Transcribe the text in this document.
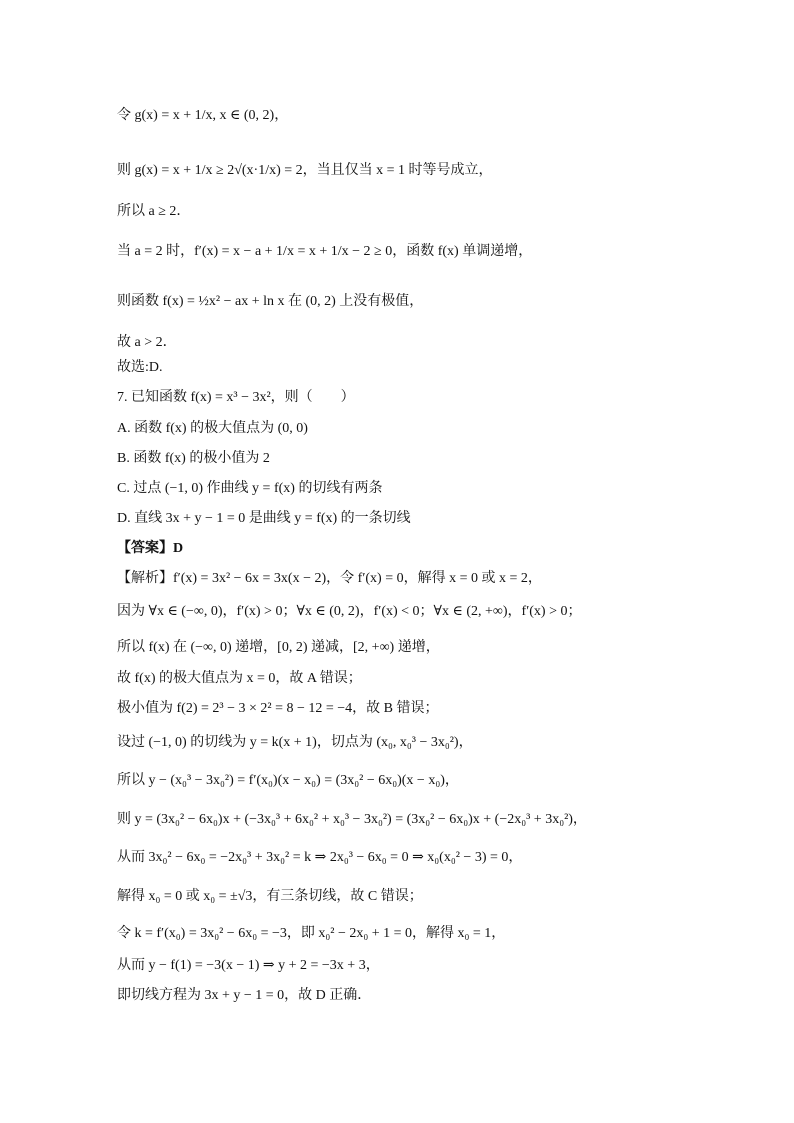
令 g(x) = x + 1/x, x ∈ (0, 2)，
则 g(x) = x + 1/x ≥ 2√(x·1/x) = 2，当且仅当 x = 1 时等号成立，
所以 a ≥ 2．
当 a = 2 时，f′(x) = x − a + 1/x = x + 1/x − 2 ≥ 0，函数 f(x) 单调递增，
则函数 f(x) = ½x² − ax + ln x 在 (0, 2) 上没有极值，
故 a > 2．
故选:D.
7. 已知函数 f(x) = x³ − 3x²，则（　　）
A. 函数 f(x) 的极大值点为 (0, 0)
B. 函数 f(x) 的极小值为 2
C. 过点 (−1, 0) 作曲线 y = f(x) 的切线有两条
D. 直线 3x + y − 1 = 0 是曲线 y = f(x) 的一条切线
【答案】D
【解析】f′(x) = 3x² − 6x = 3x(x − 2)，令 f′(x) = 0，解得 x = 0 或 x = 2，
因为 ∀x ∈ (−∞, 0)，f′(x) > 0；∀x ∈ (0, 2)，f′(x) < 0；∀x ∈ (2, +∞)，f′(x) > 0；
所以 f(x) 在 (−∞, 0) 递增，[0, 2) 递减，[2, +∞) 递增，
故 f(x) 的极大值点为 x = 0，故 A 错误；
极小值为 f(2) = 2³ − 3 × 2² = 8 − 12 = −4，故 B 错误；
设过 (−1, 0) 的切线为 y = k(x + 1)，切点为 (x₀, x₀³ − 3x₀²)，
所以 y − (x₀³ − 3x₀²) = f′(x₀)(x − x₀) = (3x₀² − 6x₀)(x − x₀)，
则 y = (3x₀² − 6x₀)x + (−3x₀³ + 6x₀² + x₀³ − 3x₀²) = (3x₀² − 6x₀)x + (−2x₀³ + 3x₀²)，
从而 3x₀² − 6x₀ = −2x₀³ + 3x₀² = k ⇒ 2x₀³ − 6x₀ = 0 ⇒ x₀(x₀² − 3) = 0，
解得 x₀ = 0 或 x₀ = ±√3，有三条切线，故 C 错误；
令 k = f′(x₀) = 3x₀² − 6x₀ = −3，即 x₀² − 2x₀ + 1 = 0，解得 x₀ = 1，
从而 y − f(1) = −3(x − 1) ⇒ y + 2 = −3x + 3，
即切线方程为 3x + y − 1 = 0，故 D 正确．
